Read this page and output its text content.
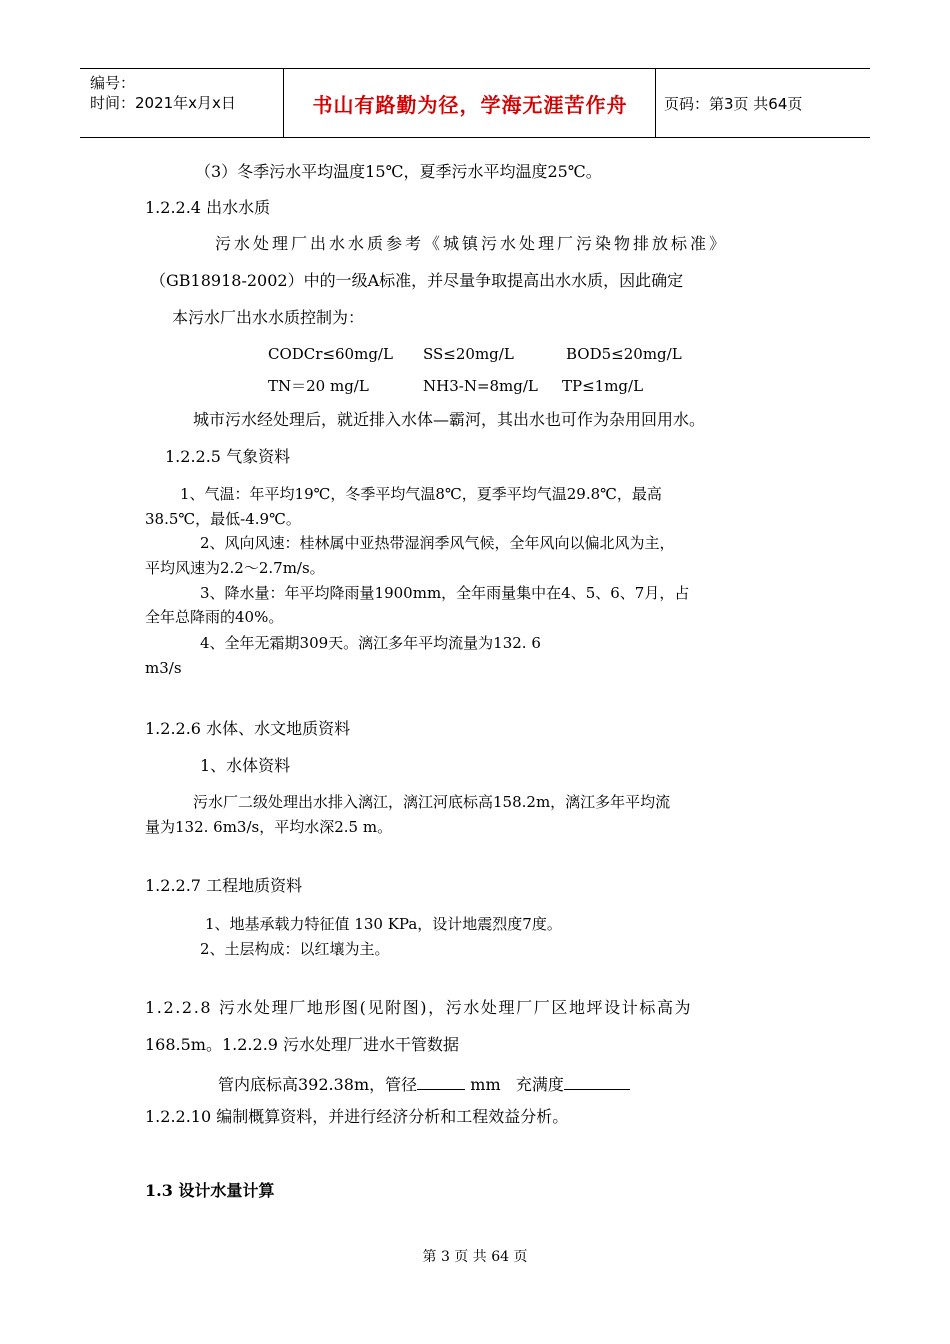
编号：
时间：2021年x月x日	书山有路勤为径，学海无涯苦作舟	页码：第3页 共64页
（3）冬季污水平均温度15℃，夏季污水平均温度25℃。
1.2.2.4 出水水质
污水处理厂出水水质参考《城镇污水处理厂污染物排放标准》
（GB18918-2002）中的一级A标准，并尽量争取提高出水水质，因此确定
本污水厂出水水质控制为：
CODCr≤60mg/L SS≤20mg/L	BOD5≤20mg/L
TN＝20 mg/L	NH3-N=8mg/L TP≤1mg/L
城市污水经处理后，就近排入水体—霸河，其出水也可作为杂用回用水。
1.2.2.5 气象资料
1、气温：年平均19℃，冬季平均气温8℃，夏季平均气温29.8℃，最高
38.5℃，最低-4.9℃。
2、风向风速：桂林属中亚热带湿润季风气候，全年风向以偏北风为主，
平均风速为2.2～2.7m/s。
3、降水量：年平均降雨量1900mm，全年雨量集中在4、5、6、7月，占
全年总降雨的40%。
4、全年无霜期309天。漓江多年平均流量为132. 6
m3/s
1.2.2.6 水体、水文地质资料
1、水体资料
污水厂二级处理出水排入漓江，漓江河底标高158.2m，漓江多年平均流
量为132. 6m3/s，平均水深2.5 m。
1.2.2.7 工程地质资料
1、地基承载力特征值 130 KPa，设计地震烈度7度。
2、土层构成：以红壤为主。
1.2.2.8 污水处理厂地形图(见附图)，污水处理厂厂区地坪设计标高为
168.5m。1.2.2.9 污水处理厂进水干管数据
管内底标高392.38m，管径	mm 充满度
1.2.2.10 编制概算资料，并进行经济分析和工程效益分析。
1.3 设计水量计算
第 3 页 共 64 页
